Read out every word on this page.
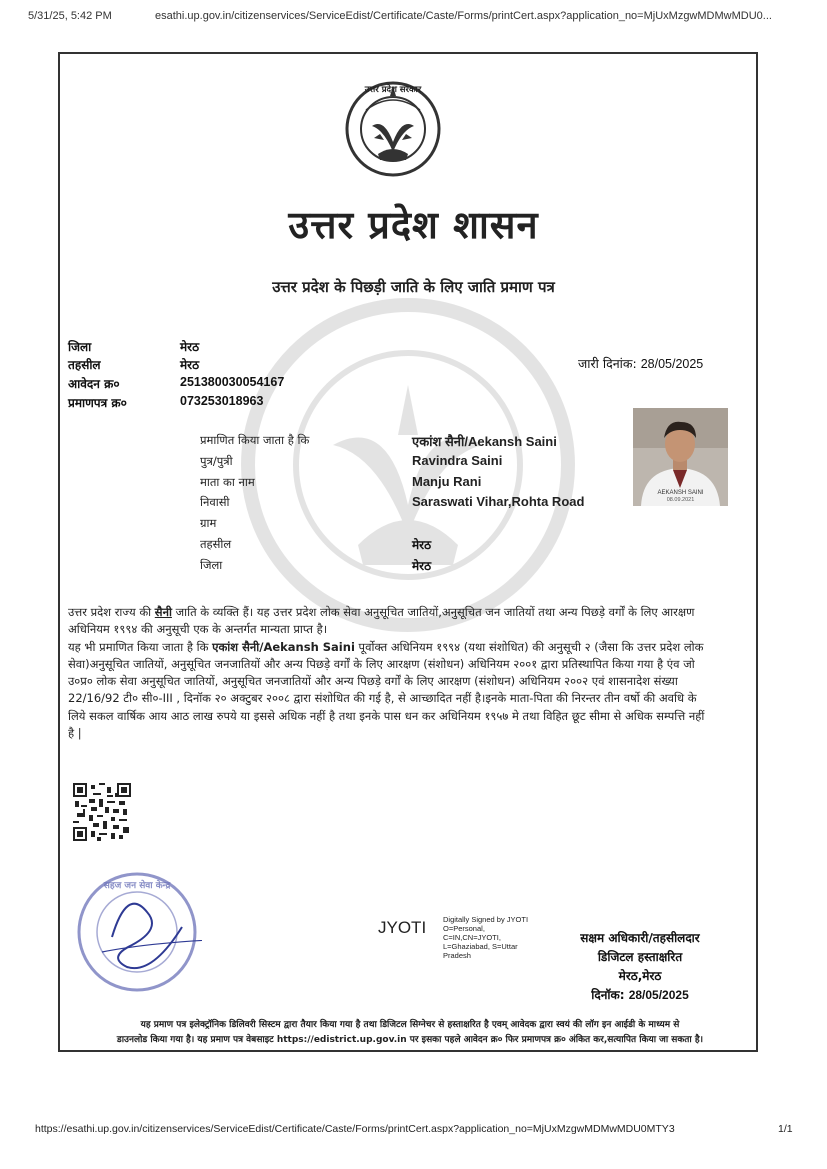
5/31/25, 5:42 PM	esathi.up.gov.in/citizenservices/ServiceEdist/Certificate/Caste/Forms/printCert.aspx?application_no=MjUxMzgwMDMwMDU0...
उत्तर प्रदेश सरकार
उत्तर प्रदेश शासन
उत्तर प्रदेश के पिछड़ी जाति के लिए जाति प्रमाण पत्र
जिला	मेरठ
तहसील	मेरठ
आवेदन क्र०	251380030054167
प्रमाणपत्र क्र०	073253018963
जारी दिनांक: 28/05/2025
प्रमाणित किया जाता है कि	एकांश सैनी/Aekansh Saini
पुत्र/पुत्री	Ravindra Saini
माता का नाम	Manju Rani
निवासी	Saraswati Vihar,Rohta Road
ग्राम
तहसील	मेरठ
जिला	मेरठ
AEKANSH SAINI
08.09.2021

उत्तर प्रदेश राज्य की सैनी जाति के व्यक्ति हैं। यह उत्तर प्रदेश लोक सेवा अनुसूचित जातियों,अनुसूचित जन जातियों तथा अन्य पिछड़े वर्गों के लिए आरक्षण अधिनियम १९९४ की अनुसूची एक के अन्तर्गत मान्यता प्राप्त है।

यह भी प्रमाणित किया जाता है कि एकांश सैनी/Aekansh Saini पूर्वोक्त अधिनियम १९९४ (यथा संशोधित) की अनुसूची २ (जैसा कि उत्तर प्रदेश लोक सेवा)अनुसूचित जातियों, अनुसूचित जनजातियों और अन्य पिछड़े वर्गों के लिए आरक्षण (संशोधन) अधिनियम २००१ द्वारा प्रतिस्थापित किया गया है एंव जो उ०प्र० लोक सेवा अनुसूचित जातियों, अनुसूचित जनजातियों और अन्य पिछड़े वर्गों के लिए आरक्षण (संशोधन) अधिनियम २००२ एवं शासनादेश संख्या 22/16/92 टी० सी०-III , दिनॉक २० अक्टुबर २००८ द्वारा संशोधित की गई है, से आच्छादित नहीं है।इनके माता-पिता की निरन्तर तीन वर्षो की अवधि के लिये सकल वार्षिक आय आठ लाख रुपये या इससे अधिक नहीं है तथा इनके पास धन कर अधिनियम १९५७ मे तथा विहित छूट सीमा से अधिक सम्पत्ति नहीं है |

सहज जन सेवा केन्द्र
JYOTI Digitally Signed by JYOTI
O=Personal,
C=IN,CN=JYOTI,
L=Ghaziabad, S=Uttar
Pradesh
सक्षम अधिकारी/तहसीलदार
डिजिटल हस्ताक्षरित
मेरठ,मेरठ
दिनॉक: 28/05/2025
यह प्रमाण पत्र इलेक्ट्रॉनिक डिलिवरी सिस्टम द्वारा तैयार किया गया है तथा डिजिटल सिग्नेचर से हस्ताक्षरित है एवम् आवेदक द्वारा स्वयं की लॉग इन आईडी के माध्यम से
डाउनलोड किया गया है। यह प्रमाण पत्र वेबसाइट https://edistrict.up.gov.in पर इसका पहले आवेदन क्र० फिर प्रमाणपत्र क्र० अंकित कर,सत्यापित किया जा सकता है।
https://esathi.up.gov.in/citizenservices/ServiceEdist/Certificate/Caste/Forms/printCert.aspx?application_no=MjUxMzgwMDMwMDU0MTY3	1/1
